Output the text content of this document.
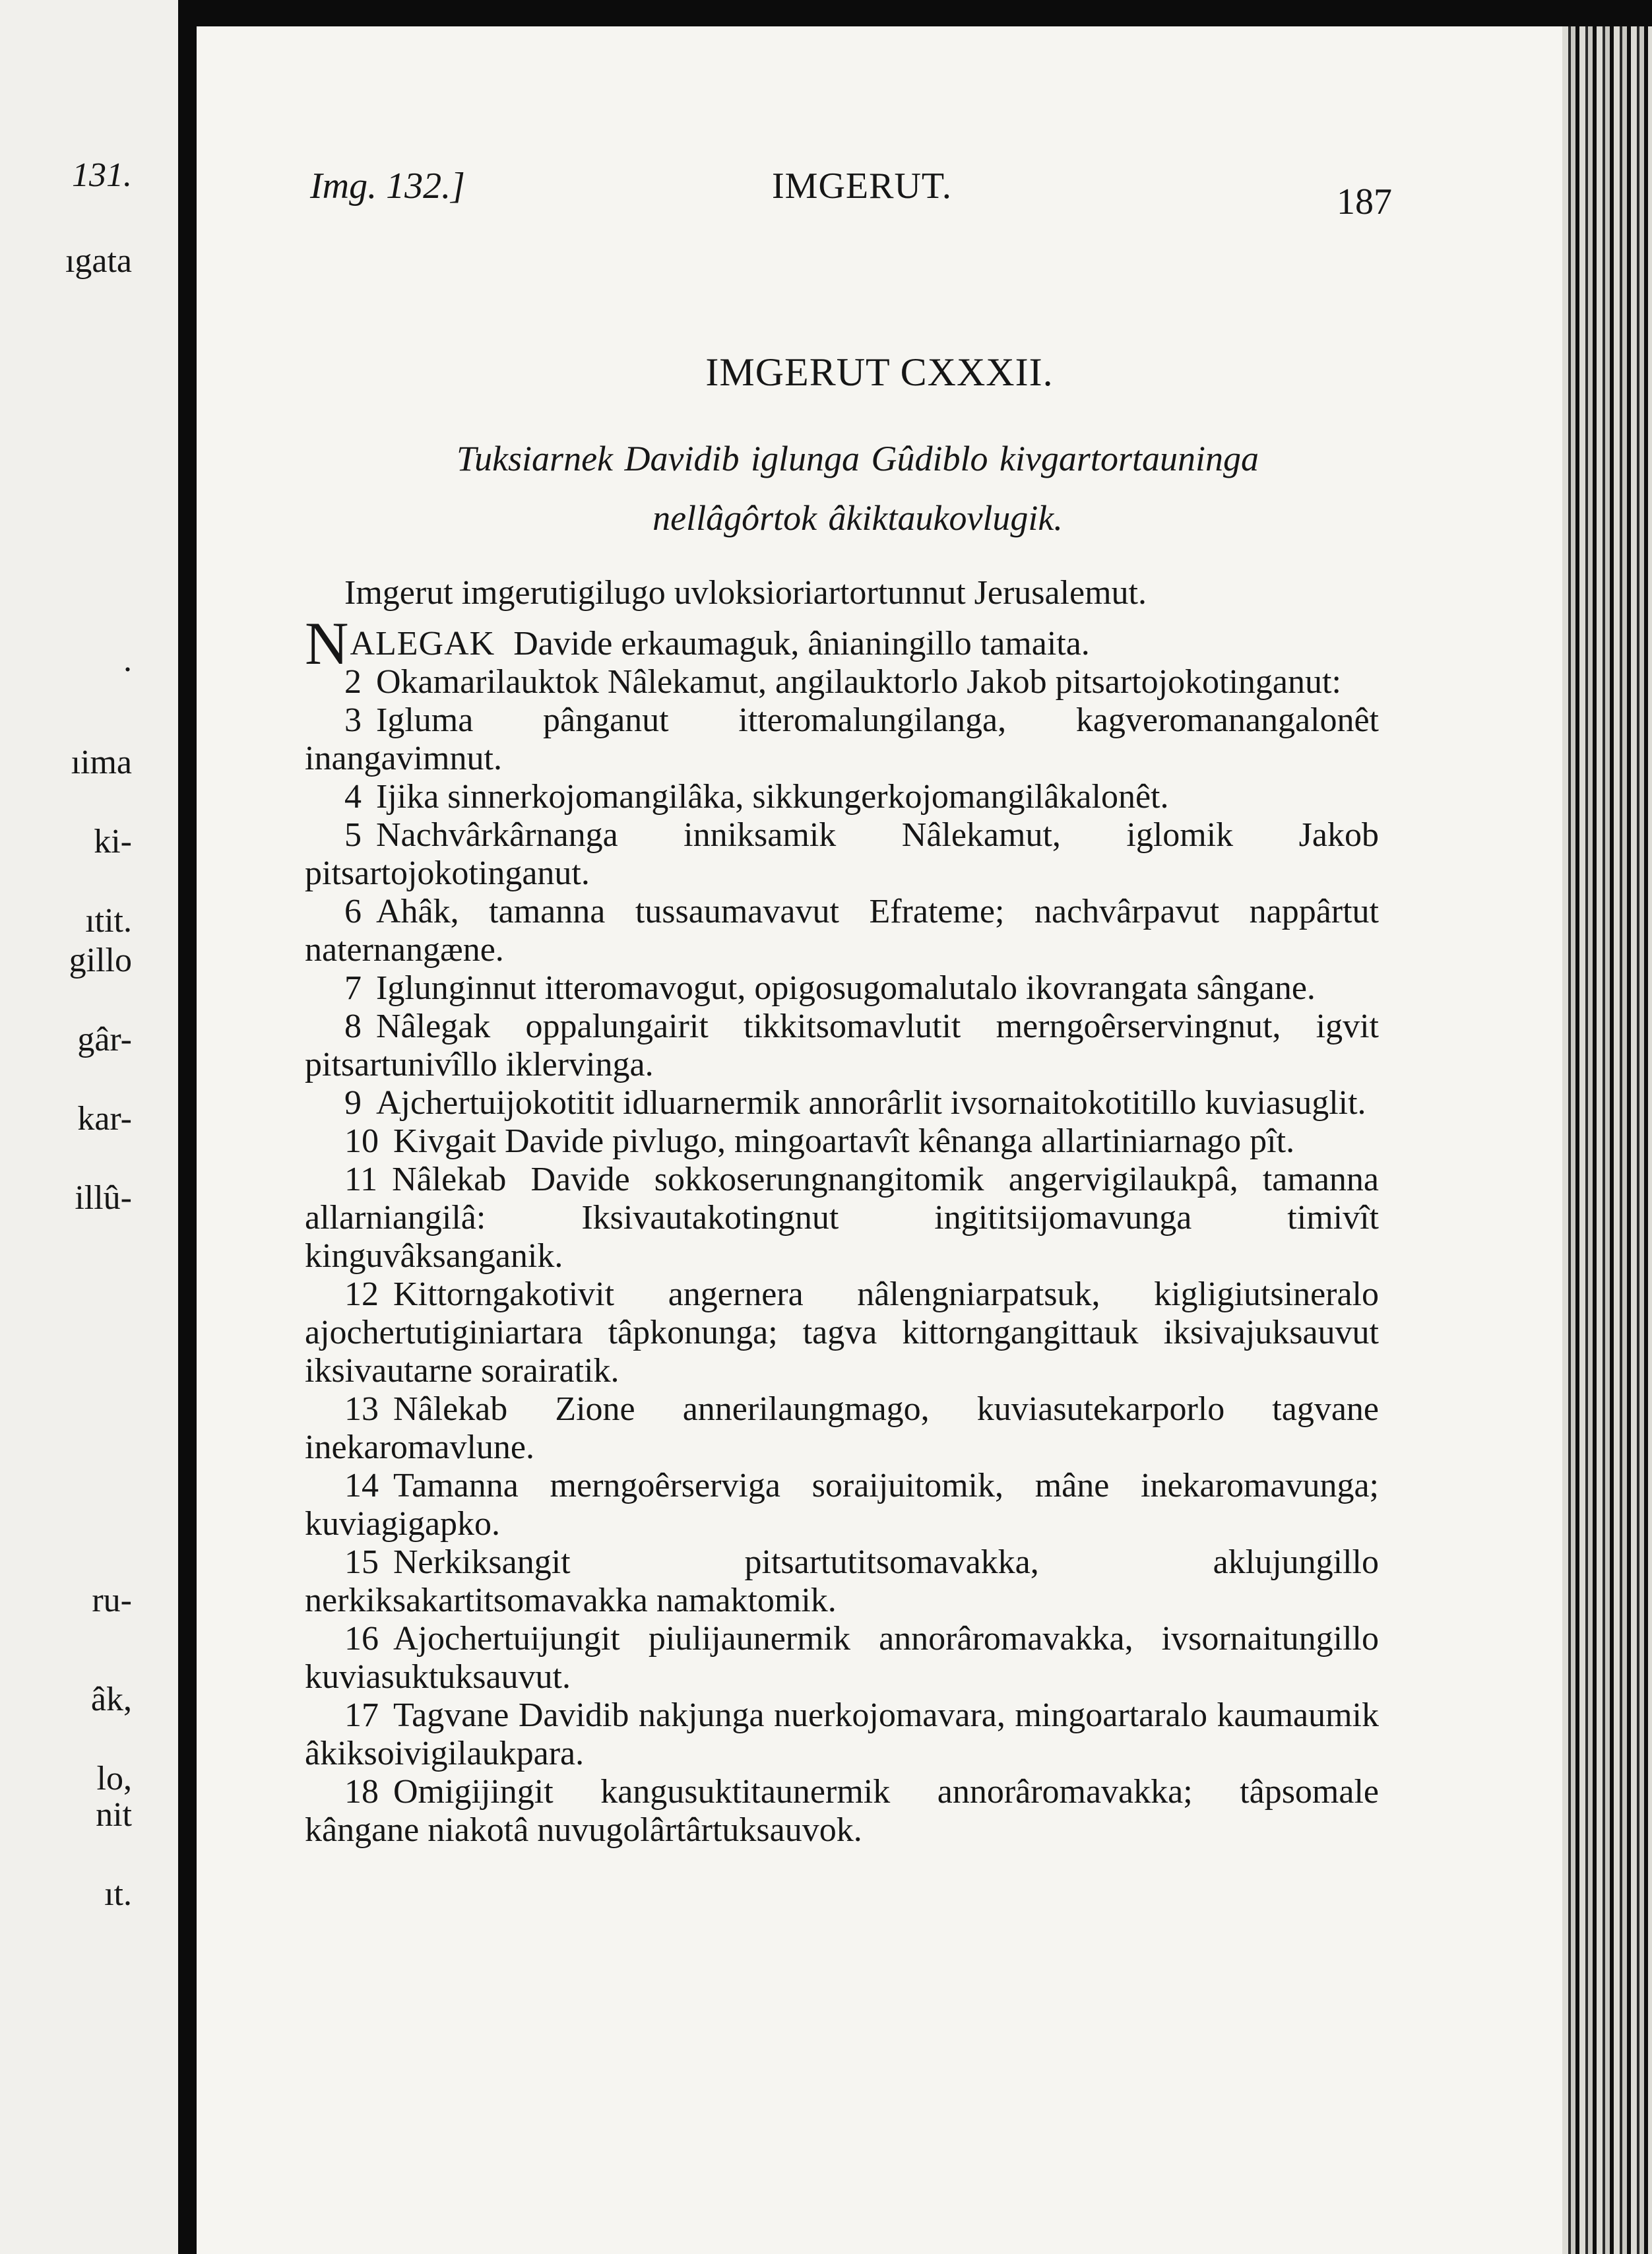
131.
ıgata
.
ıima
ki-
ıtit.
gillo
gâr-
kar-
illû-
ru-
âk,
lo,
nit
ıt.
Img. 132.]	IMGERUT.	187
IMGERUT CXXXII.
Tuksiarnek Davidib iglunga Gûdiblo kivgartortauninga
nellâgôrtok âkiktaukovlugik.

Imgerut imgerutigilugo uvloksioriartortunnut Jerusalemut.

NALEGAK Davide erkaumaguk, ânianingillo tamaita.

2 Okamarilauktok Nâlekamut, angilauktorlo Jakob pitsartojokotinganut:

3 Igluma pânganut itteromalungilanga, kagveromanangalonêt inangavimnut.

4 Ijika sinnerkojomangilâka, sikkungerkojomangilâkalonêt.

5 Nachvârkârnanga inniksamik Nâlekamut, iglomik Jakob pitsartojokotinganut.

6 Ahâk, tamanna tussaumavavut Efrateme; nachvârpavut nappârtut naternangæne.

7 Iglunginnut itteromavogut, opigosugomalutalo ikovrangata sângane.

8 Nâlegak oppalungairit tikkitsomavlutit merngoêrservingnut, igvit pitsartunivîllo iklervinga.

9 Ajchertuijokotitit idluarnermik annorârlit ivsornaitokotitillo kuviasuglit.

10 Kivgait Davide pivlugo, mingoartavît kênanga allartiniarnago pît.

11 Nâlekab Davide sokkoserungnangitomik angervigilaukpâ, tamanna allarniangilâ: Iksivautakotingnut ingititsijomavunga timivît kinguvâksanganik.

12 Kittorngakotivit angernera nâlengniarpatsuk, kigligiutsineralo ajochertutiginiartara tâpkonunga; tagva kittorngangittauk iksivajuksauvut iksivautarne sorairatik.

13 Nâlekab Zione annerilaungmago, kuviasutekarporlo tagvane inekaromavlune.

14 Tamanna merngoêrserviga soraijuitomik, mâne inekaromavunga; kuviagigapko.

15 Nerkiksangit pitsartutitsomavakka, aklujungillo nerkiksakartitsomavakka namaktomik.

16 Ajochertuijungit piulijaunermik annorâromavakka, ivsornaitungillo kuviasuktuksauvut.

17 Tagvane Davidib nakjunga nuerkojomavara, mingoartaralo kaumaumik âkiksoivigilaukpara.

18 Omigijingit kangusuktitaunermik annorâromavakka; tâpsomale kângane niakotâ nuvugolârtârtuksauvok.
